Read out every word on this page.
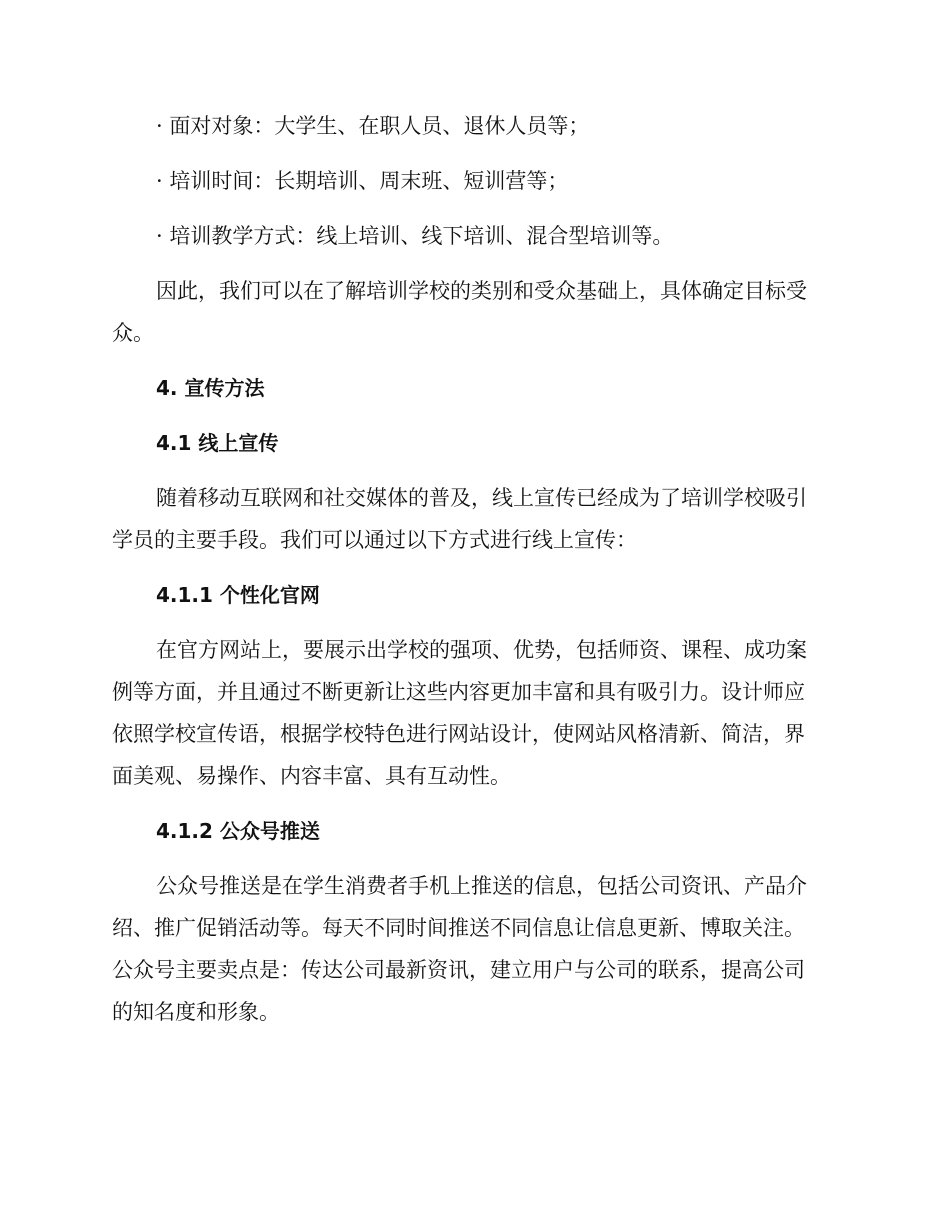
· 面对对象：大学生、在职人员、退休人员等；
· 培训时间：长期培训、周末班、短训营等；
· 培训教学方式：线上培训、线下培训、混合型培训等。
因此，我们可以在了解培训学校的类别和受众基础上，具体确定目标受
众。
4. 宣传方法
4.1 线上宣传
随着移动互联网和社交媒体的普及，线上宣传已经成为了培训学校吸引
学员的主要手段。我们可以通过以下方式进行线上宣传：
4.1.1 个性化官网
在官方网站上，要展示出学校的强项、优势，包括师资、课程、成功案
例等方面，并且通过不断更新让这些内容更加丰富和具有吸引力。设计师应
依照学校宣传语，根据学校特色进行网站设计，使网站风格清新、简洁，界
面美观、易操作、内容丰富、具有互动性。
4.1.2 公众号推送
公众号推送是在学生消费者手机上推送的信息，包括公司资讯、产品介
绍、推广促销活动等。每天不同时间推送不同信息让信息更新、博取关注。
公众号主要卖点是：传达公司最新资讯，建立用户与公司的联系，提高公司
的知名度和形象。
